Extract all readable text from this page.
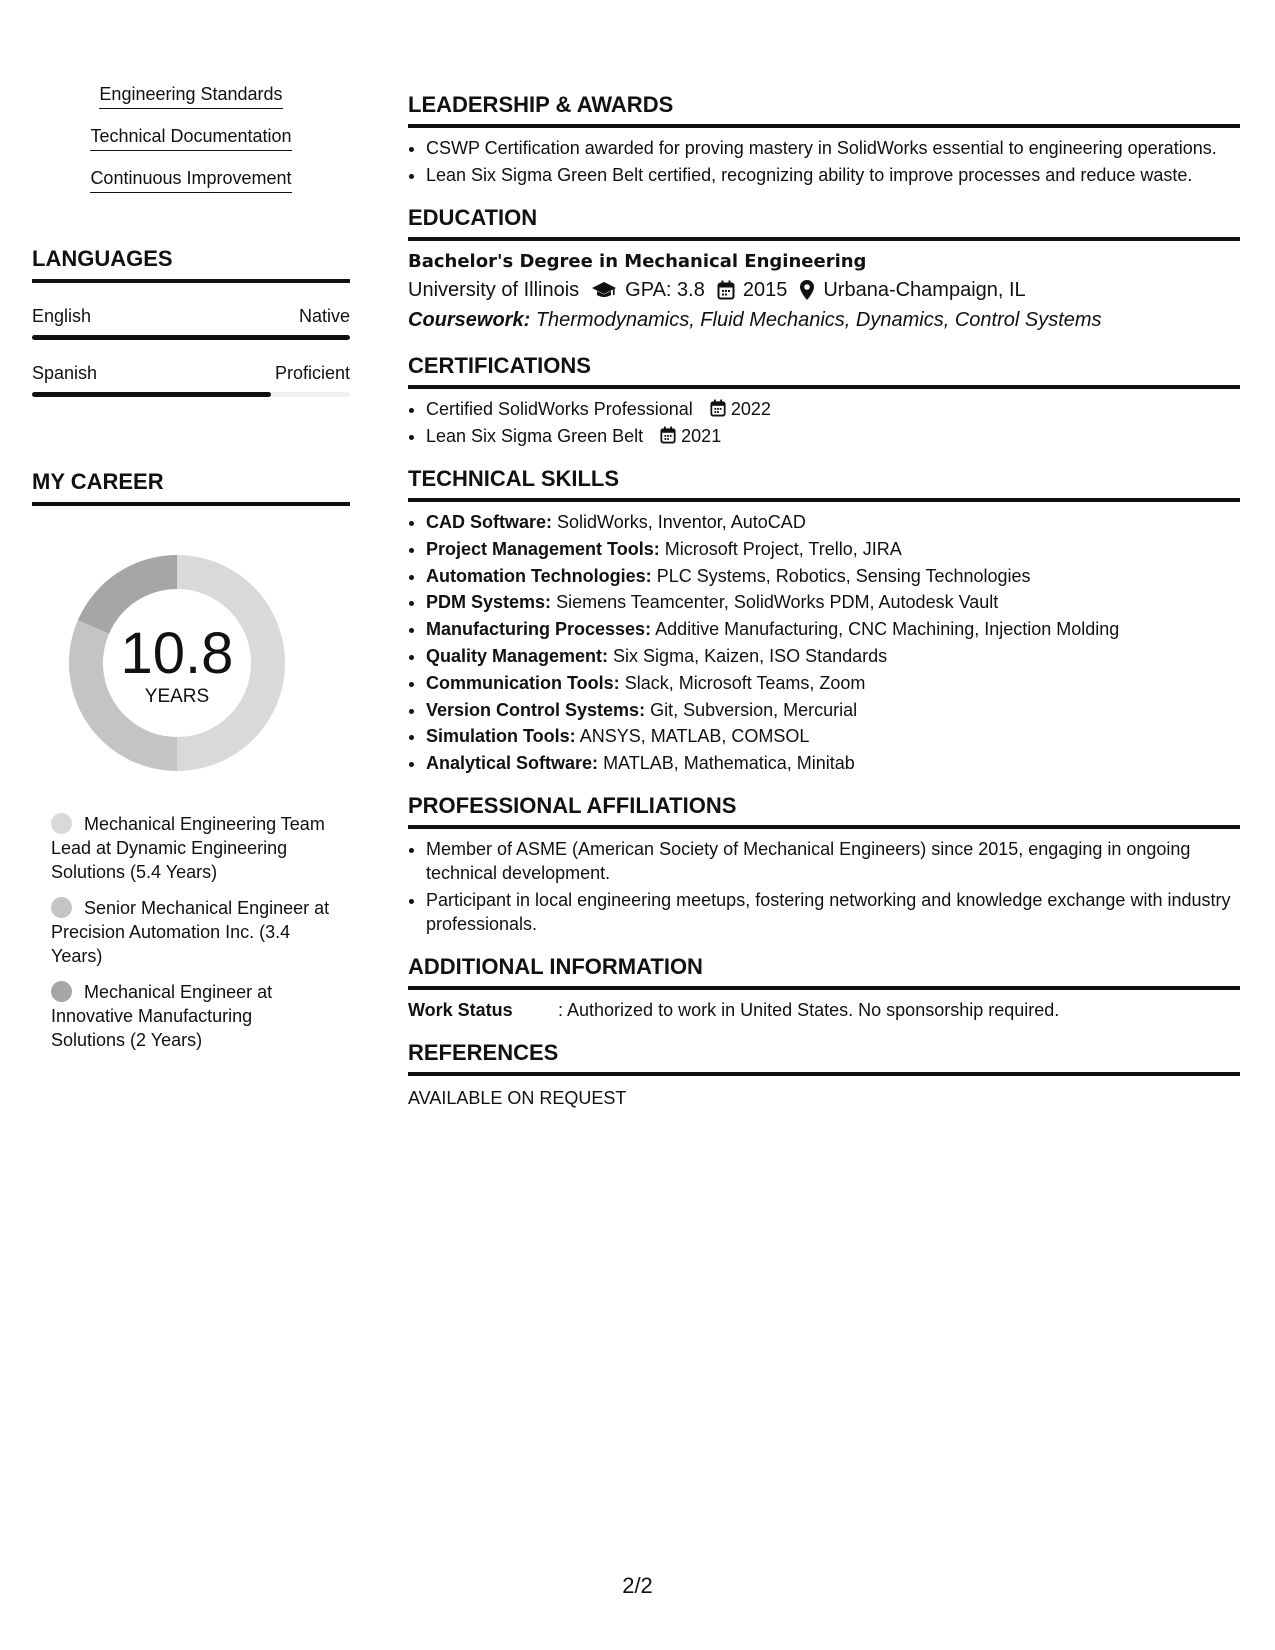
Engineering Standards
Technical Documentation
Continuous Improvement
LANGUAGES
English	Native
Spanish	Proficient
MY CAREER
10.8
YEARS
Mechanical Engineering Team Lead at Dynamic Engineering Solutions (5.4 Years)
Senior Mechanical Engineer at Precision Automation Inc. (3.4 Years)
Mechanical Engineer at Innovative Manufacturing Solutions (2 Years)
LEADERSHIP & AWARDS
• CSWP Certification awarded for proving mastery in SolidWorks essential to engineering operations.
• Lean Six Sigma Green Belt certified, recognizing ability to improve processes and reduce waste.
EDUCATION
Bachelor's Degree in Mechanical Engineering
University of Illinois GPA: 3.8 2015 Urbana-Champaign, IL
Coursework: Thermodynamics, Fluid Mechanics, Dynamics, Control Systems
CERTIFICATIONS
• Certified SolidWorks Professional 2022
• Lean Six Sigma Green Belt 2021
TECHNICAL SKILLS
• CAD Software: SolidWorks, Inventor, AutoCAD
• Project Management Tools: Microsoft Project, Trello, JIRA
• Automation Technologies: PLC Systems, Robotics, Sensing Technologies
• PDM Systems: Siemens Teamcenter, SolidWorks PDM, Autodesk Vault
• Manufacturing Processes: Additive Manufacturing, CNC Machining, Injection Molding
• Quality Management: Six Sigma, Kaizen, ISO Standards
• Communication Tools: Slack, Microsoft Teams, Zoom
• Version Control Systems: Git, Subversion, Mercurial
• Simulation Tools: ANSYS, MATLAB, COMSOL
• Analytical Software: MATLAB, Mathematica, Minitab
PROFESSIONAL AFFILIATIONS
• Member of ASME (American Society of Mechanical Engineers) since 2015, engaging in ongoing technical development.
• Participant in local engineering meetups, fostering networking and knowledge exchange with industry professionals.
ADDITIONAL INFORMATION
Work Status	: Authorized to work in United States. No sponsorship required.
REFERENCES
AVAILABLE ON REQUEST
2/2
